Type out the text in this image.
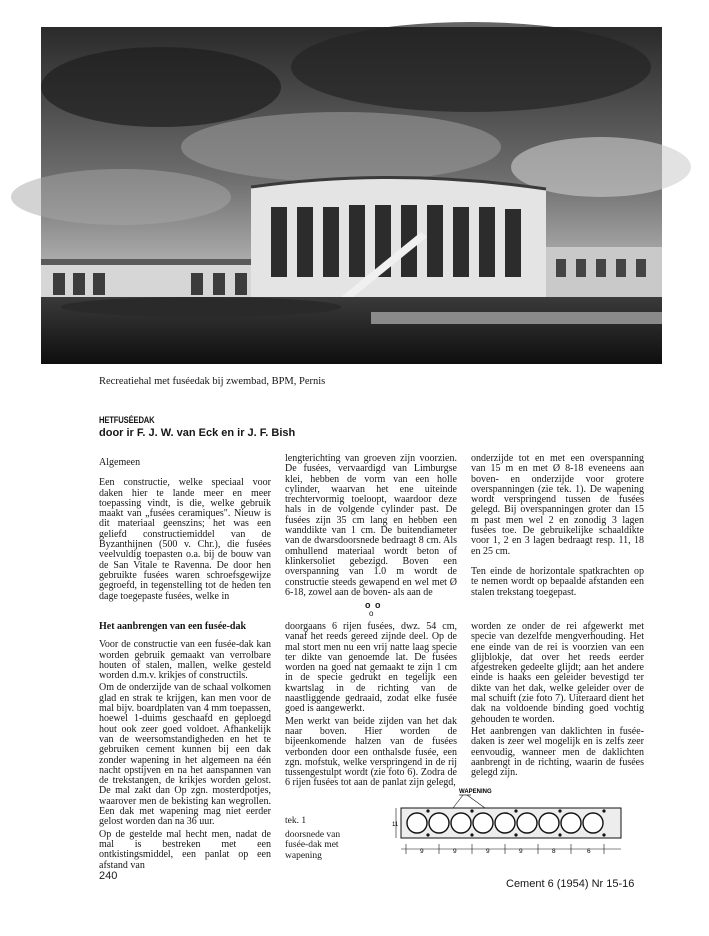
Recreatiehal met fuséedak bij zwembad, BPM, Pernis
HETFUSÉEDAK
door ir F. J. W. van Eck en ir J. F. Bish
Algemeen

Een constructie, welke speciaal voor daken hier te lande meer en meer toepassing vindt, is die, welke gebruik maakt van „fusées ceramiques". Nieuw is dit materiaal geenszins; het was een geliefd constructiemiddel van de Byzanthijnen (500 v. Chr.), die fusées veelvuldig toepasten o.a. bij de bouw van de San Vitale te Ravenna. De door hen gebruikte fusées waren schroefsgewijze gegroefd, in tegenstelling tot de heden ten dage toegepaste fusées, welke in

lengterichting van groeven zijn voorzien. De fusées, vervaardigd van Limburgse klei, hebben de vorm van een holle cylinder, waarvan het ene uiteinde trechtervormig toeloopt, waardoor deze hals in de volgende cylinder past. De fusées zijn 35 cm lang en hebben een wanddikte van 1 cm. De buitendiameter van de dwarsdoorsnede bedraagt 8 cm. Als omhullend materiaal wordt beton of klinkersoliet gebezigd. Boven een overspanning van 1.0 m wordt de constructie steeds gewapend en wel met Ø 6-18, zowel aan de boven- als aan de

onderzijde tot en met een overspanning van 15 m en met Ø 8-18 eveneens aan boven- en onderzijde voor grotere overspanningen (zie tek. 1). De wapening wordt verspringend tussen de fusées gelegd. Bij overspanningen groter dan 15 m past men wel 2 en zonodig 3 lagen fusées toe. De gebruikelijke schaaldikte voor 1, 2 en 3 lagen bedraagt resp. 11, 18 en 25 cm.

Ten einde de horizontale spatkrachten op te nemen wordt op bepaalde afstanden een stalen trekstang toegepast.

o o
o
Het aanbrengen van een fusée-dak

Voor de constructie van een fusée-dak kan worden gebruik gemaakt van verrolbare houten of stalen, mallen, welke gesteld worden d.m.v. krikjes of constructils.

Om de onderzijde van de schaal volkomen glad en strak te krijgen, kan men voor de mal bijv. boardplaten van 4 mm toepassen, hoewel 1-duims geschaafd en geploegd hout ook zeer goed voldoet. Afhankelijk van de weersomstandigheden en het te gebruiken cement kunnen bij een dak zonder wapening in het algemeen na één nacht opstijven en na het aanspannen van de trekstangen, de krikjes worden gelost. De mal zakt dan Op zgn. mosterdpotjes, waarover men de bekisting kan wegrollen. Een dak met wapening mag niet eerder gelost worden dan na 36 uur.

Op de gestelde mal hecht men, nadat de mal is bestreken met een ontkistingsmiddel, een panlat op een afstand van

doorgaans 6 rijen fusées, dwz. 54 cm, vanaf het reeds gereed zijnde deel. Op de mal stort men nu een vrij natte laag specie ter dikte van genoemde lat. De fusées worden na goed nat gemaakt te zijn 1 cm in de specie gedrukt en tegelijk een kwartslag in de richting van de naastliggende gedraaid, zodat elke fusée goed is aangewerkt.

Men werkt van beide zijden van het dak naar boven. Hier worden de bijeenkomende halzen van de fusées verbonden door een onthalsde fusée, een zgn. mofstuk, welke verspringend in de rij tussengestulpt wordt (zie foto 6). Zodra de 6 rijen fusées tot aan de panlat zijn gelegd,

worden ze onder de rei afgewerkt met specie van dezelfde mengverhouding. Het ene einde van de rei is voorzien van een glijblokje, dat over het reeds eerder afgestreken gedeelte glijdt; aan het andere einde is haaks een geleider bevestigd ter dikte van het dak, welke geleider over de mal schuift (zie foto 7). Uiteraard dient het dak na voldoende binding goed vochtig gehouden te worden.

Het aanbrengen van daklichten in fusée-daken is zeer wel mogelijk en is zelfs zeer eenvoudig, wanneer men de daklichten aanbrengt in de richting, waarin de fusées gelegd zijn.

tek. 1
doorsnede van
fusée-dak met
wapening
WAPENING
11
9	9	9	9	8	6
240
Cement 6 (1954) Nr 15-16
